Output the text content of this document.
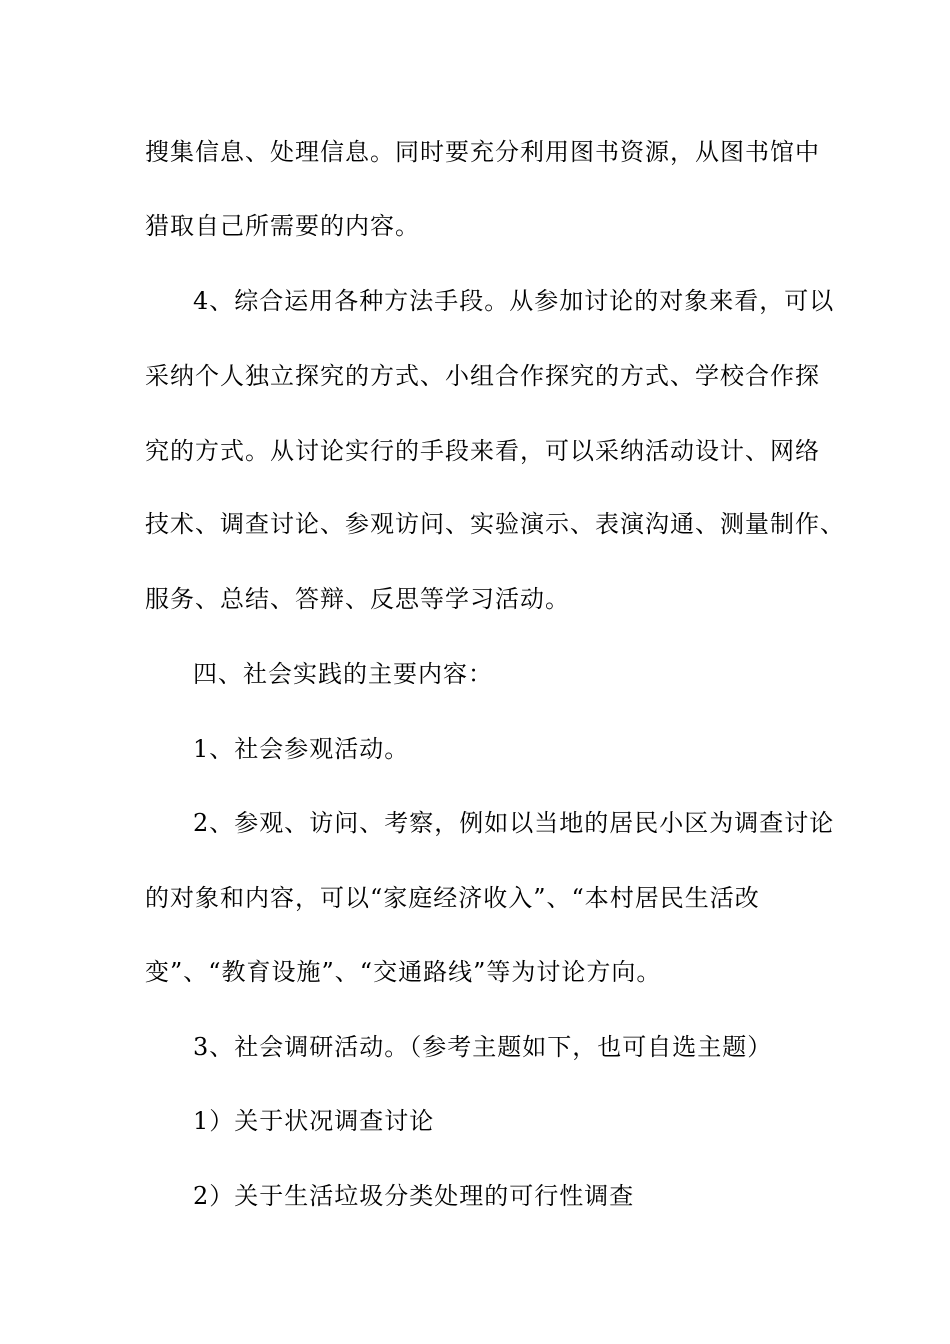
搜集信息、处理信息。同时要充分利用图书资源，从图书馆中
猎取自己所需要的内容。
4、综合运用各种方法手段。从参加讨论的对象来看，可以
采纳个人独立探究的方式、小组合作探究的方式、学校合作探
究的方式。从讨论实行的手段来看，可以采纳活动设计、网络
技术、调查讨论、参观访问、实验演示、表演沟通、测量制作、
服务、总结、答辩、反思等学习活动。
四、社会实践的主要内容：
1、社会参观活动。
2、参观、访问、考察，例如以当地的居民小区为调查讨论
的对象和内容，可以“家庭经济收入”、“本村居民生活改
变”、“教育设施”、“交通路线”等为讨论方向。
3、社会调研活动。（参考主题如下，也可自选主题）
1）关于状况调查讨论
2）关于生活垃圾分类处理的可行性调查
